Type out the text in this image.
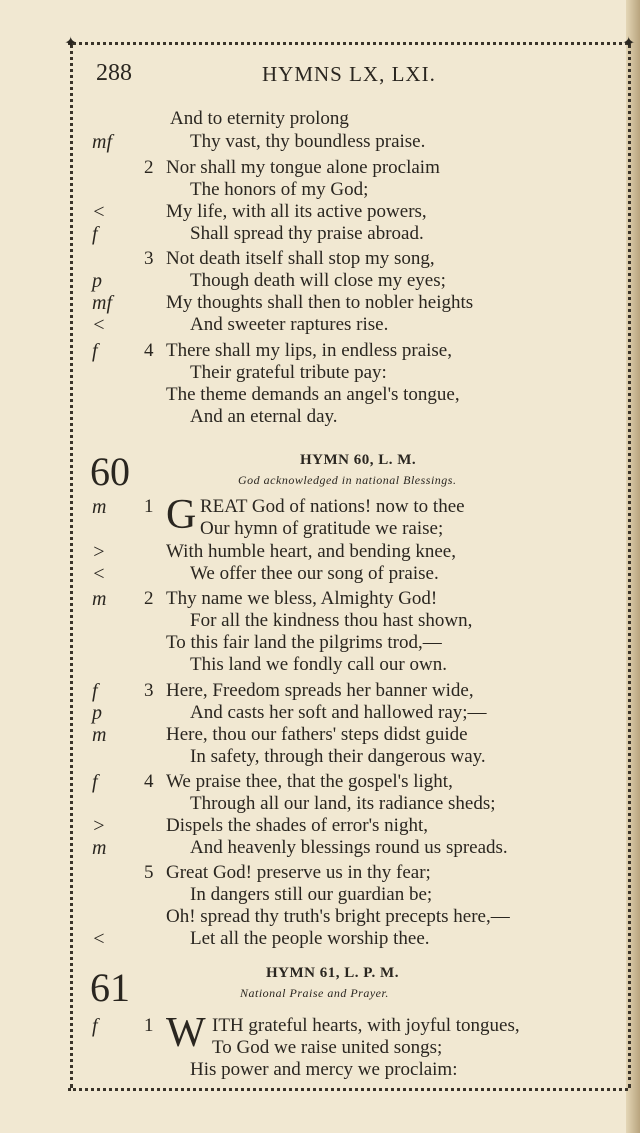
✦	✦
288	HYMNS LX, LXI.
And to eternity prolong
mf	Thy vast, thy boundless praise.
2 Nor shall my tongue alone proclaim
The honors of my God;
<	My life, with all its active powers,
f	Shall spread thy praise abroad.
3 Not death itself shall stop my song,
p	Though death will close my eyes;
mf	My thoughts shall then to nobler heights
<	And sweeter raptures rise.
f 4 There shall my lips, in endless praise,
Their grateful tribute pay:
The theme demands an angel's tongue,
And an eternal day.
60	HYMN 60, L. M.
God acknowledged in national Blessings.
G
m 1 REAT God of nations! now to thee
Our hymn of gratitude we raise;
>	With humble heart, and bending knee,
<	We offer thee our song of praise.
m 2 Thy name we bless, Almighty God!
For all the kindness thou hast shown,
To this fair land the pilgrims trod,—
This land we fondly call our own.
f 3 Here, Freedom spreads her banner wide,
p	And casts her soft and hallowed ray;—
m	Here, thou our fathers' steps didst guide
In safety, through their dangerous way.
f 4 We praise thee, that the gospel's light,
Through all our land, its radiance sheds;
>	Dispels the shades of error's night,
m	And heavenly blessings round us spreads.
5 Great God! preserve us in thy fear;
In dangers still our guardian be;
Oh! spread thy truth's bright precepts here,—
<	Let all the people worship thee.
61	HYMN 61, L. P. M.
National Praise and Prayer.
W
f 1	ITH grateful hearts, with joyful tongues,
To God we raise united songs;
His power and mercy we proclaim:
